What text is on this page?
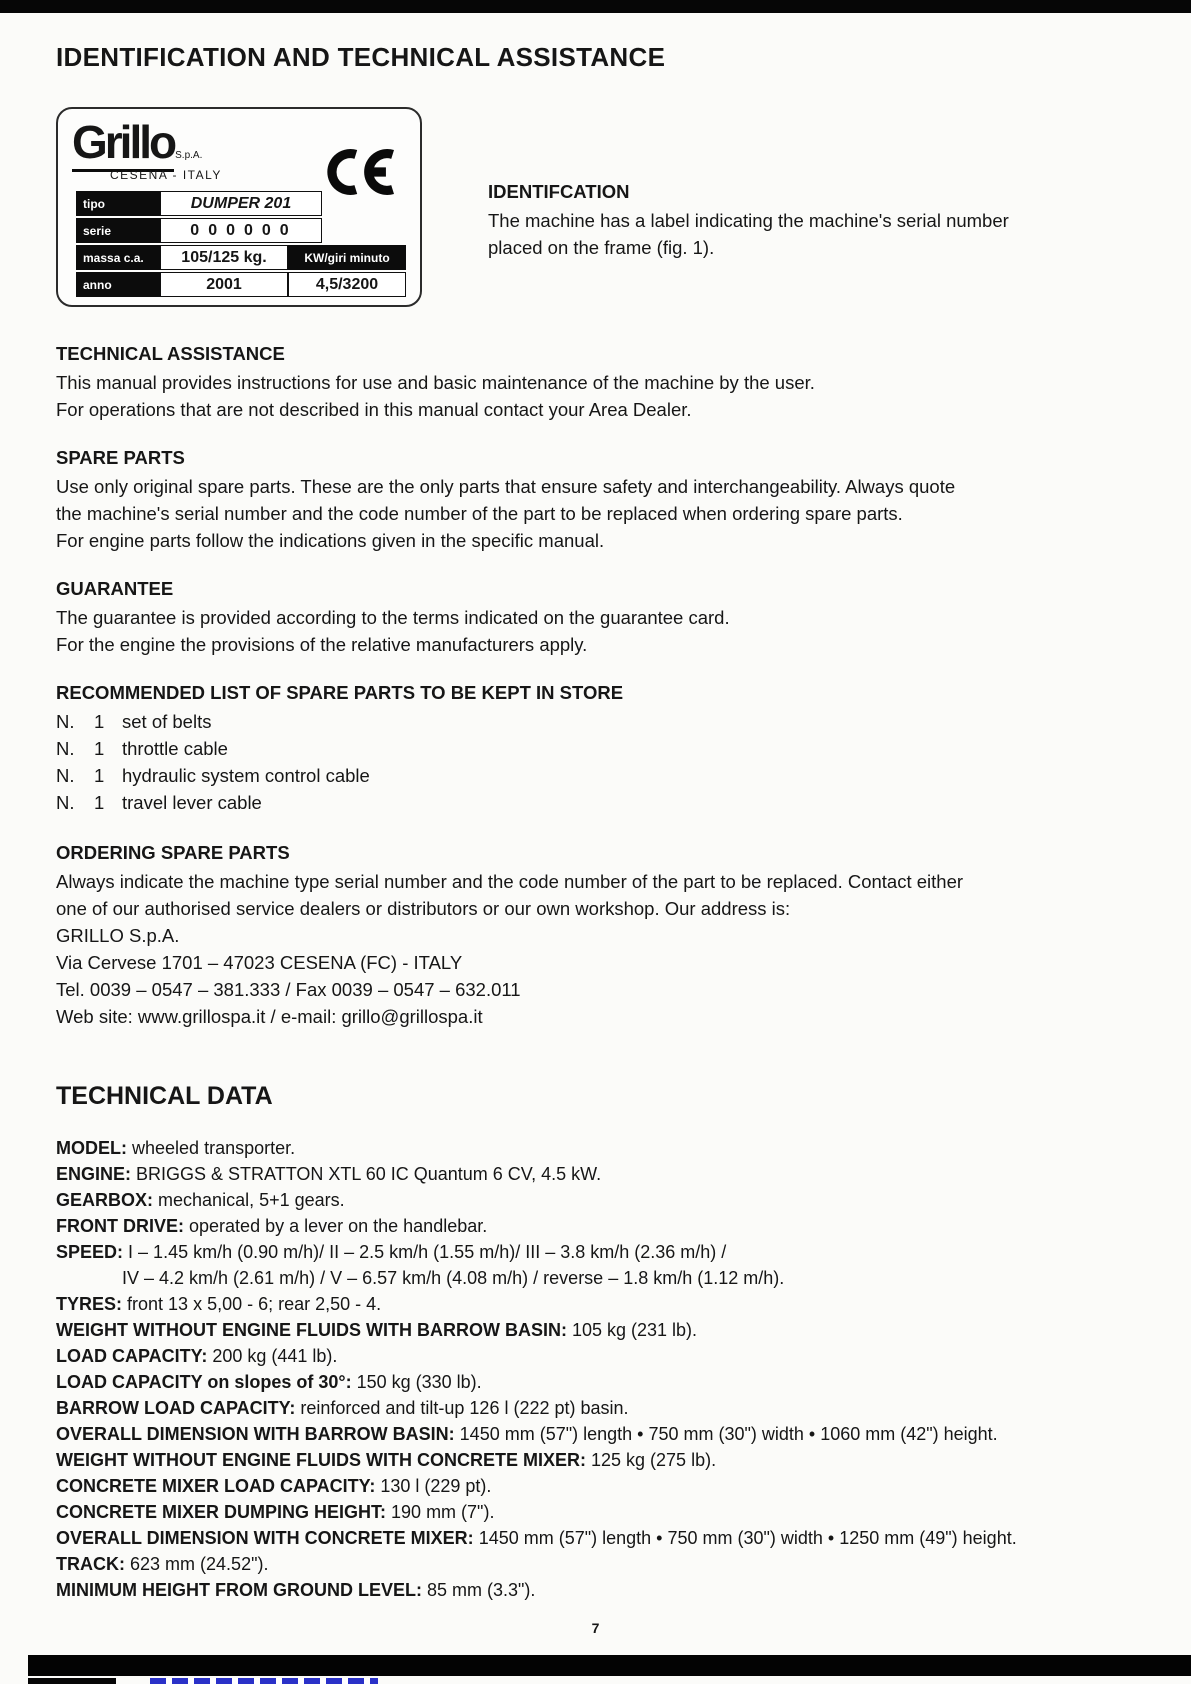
IDENTIFICATION AND TECHNICAL ASSISTANCE
GrilloS.p.A.
CESENA - ITALY
tipo	DUMPER 201
serie	000000
massa c.a.	105/125 kg.	KW/giri minuto
anno	2001	4,5/3200
IDENTIFCATION
The machine has a label indicating the machine's serial number
placed on the frame (fig. 1).
TECHNICAL ASSISTANCE
This manual provides instructions for use and basic maintenance of the machine by the user.
For operations that are not described in this manual contact your Area Dealer.
SPARE PARTS
Use only original spare parts. These are the only parts that ensure safety and interchangeability. Always quote
the machine's serial number and the code number of the part to be replaced when ordering spare parts.
For engine parts follow the indications given in the specific manual.
GUARANTEE
The guarantee is provided according to the terms indicated on the guarantee card.
For the engine the provisions of the relative manufacturers apply.
RECOMMENDED LIST OF SPARE PARTS TO BE KEPT IN STORE
N.	1 set of belts
N.	1 throttle cable
N.	1 hydraulic system control cable
N.	1 travel lever cable
ORDERING SPARE PARTS
Always indicate the machine type serial number and the code number of the part to be replaced. Contact either
one of our authorised service dealers or distributors or our own workshop. Our address is:
GRILLO S.p.A.
Via Cervese 1701 – 47023 CESENA (FC) - ITALY
Tel. 0039 – 0547 – 381.333 / Fax 0039 – 0547 – 632.011
Web site: www.grillospa.it / e-mail: grillo@grillospa.it
TECHNICAL DATA
MODEL: wheeled transporter.
ENGINE: BRIGGS & STRATTON XTL 60 IC Quantum 6 CV, 4.5 kW.
GEARBOX: mechanical, 5+1 gears.
FRONT DRIVE: operated by a lever on the handlebar.
SPEED: I – 1.45 km/h (0.90 m/h)/ II – 2.5 km/h (1.55 m/h)/ III – 3.8 km/h (2.36 m/h) /
IV – 4.2 km/h (2.61 m/h) / V – 6.57 km/h (4.08 m/h) / reverse – 1.8 km/h (1.12 m/h).
TYRES: front 13 x 5,00 - 6; rear 2,50 - 4.
WEIGHT WITHOUT ENGINE FLUIDS WITH BARROW BASIN: 105 kg (231 lb).
LOAD CAPACITY: 200 kg (441 lb).
LOAD CAPACITY on slopes of 30°: 150 kg (330 lb).
BARROW LOAD CAPACITY: reinforced and tilt-up 126 l (222 pt) basin.
OVERALL DIMENSION WITH BARROW BASIN: 1450 mm (57") length • 750 mm (30") width • 1060 mm (42") height.
WEIGHT WITHOUT ENGINE FLUIDS WITH CONCRETE MIXER: 125 kg (275 lb).
CONCRETE MIXER LOAD CAPACITY: 130 l (229 pt).
CONCRETE MIXER DUMPING HEIGHT: 190 mm (7").
OVERALL DIMENSION WITH CONCRETE MIXER: 1450 mm (57") length • 750 mm (30") width • 1250 mm (49") height.
TRACK: 623 mm (24.52").
MINIMUM HEIGHT FROM GROUND LEVEL: 85 mm (3.3").
7
